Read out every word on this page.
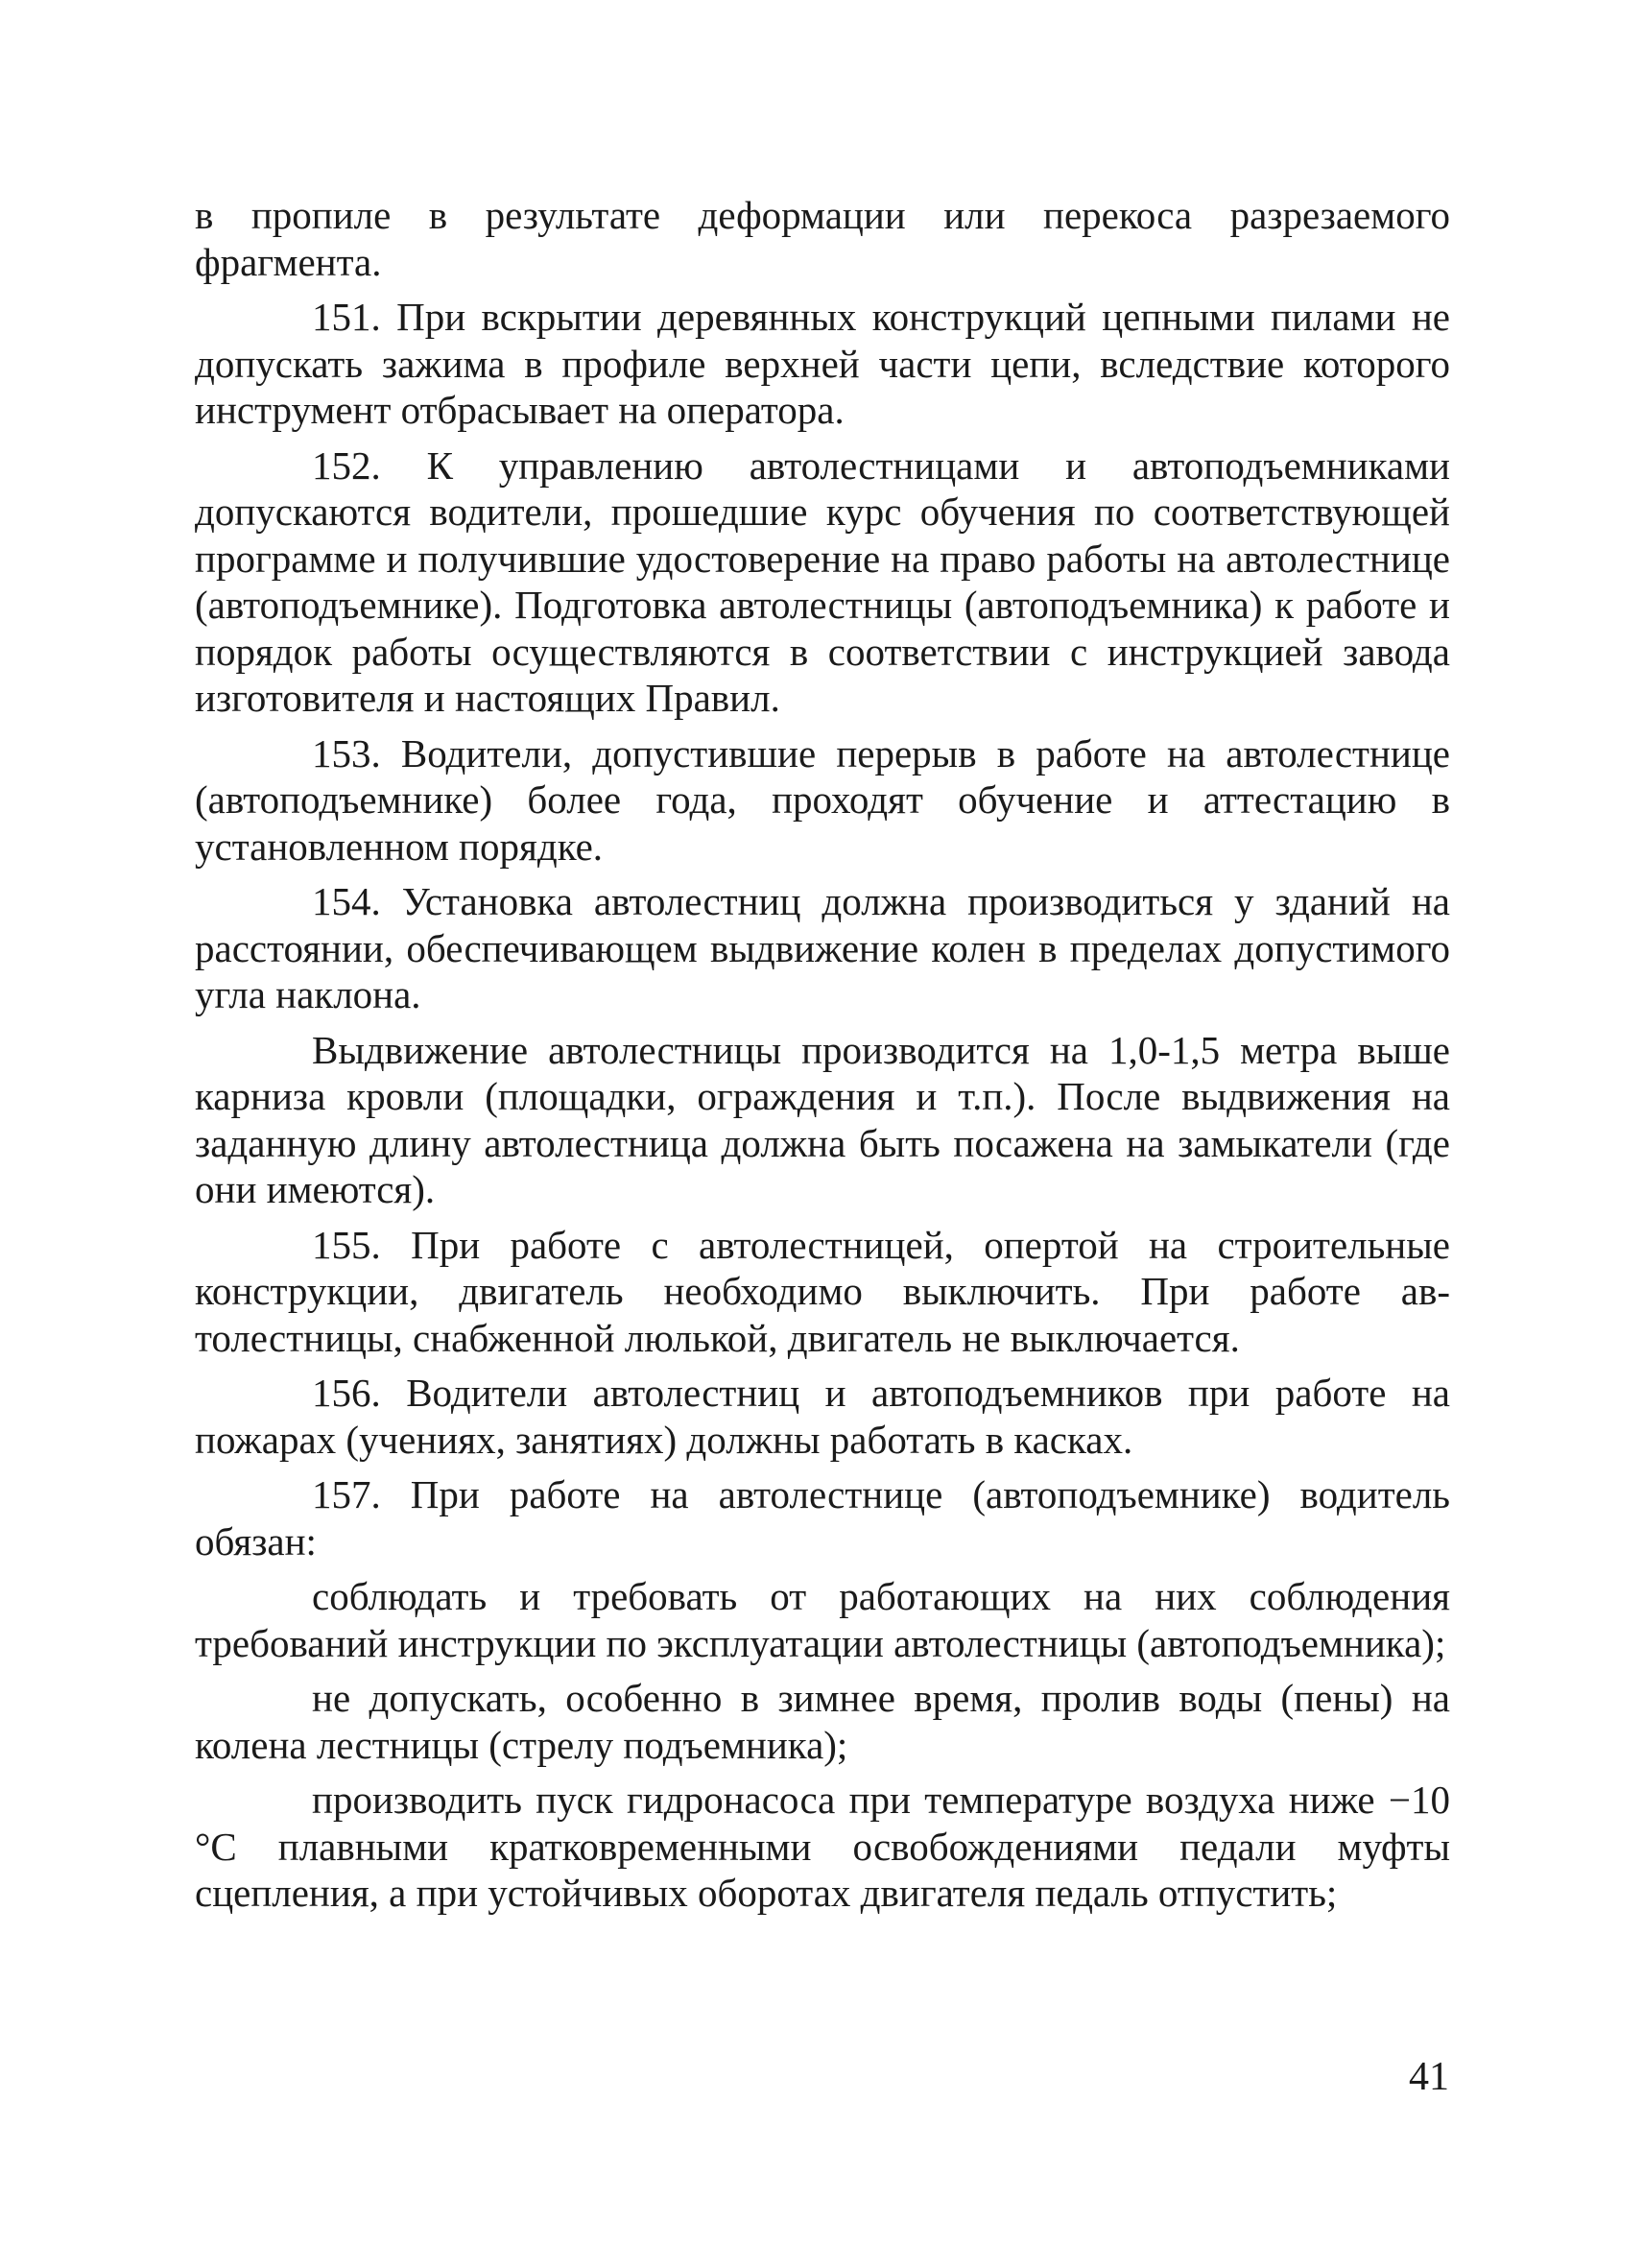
в пропиле в результате деформации или перекоса разрезаемого фрагмента.

151. При вскрытии деревянных конструкций цепными пилами не допускать зажима в профиле верхней части цепи, вследствие которого инструмент отбрасывает на оператора.

152. К управлению автолестницами и автоподъемниками допускаются водители, прошедшие курс обучения по соответствующей программе и получившие удостоверение на право работы на автолестнице (автоподъемнике). Подготовка автолестницы (автоподъемника) к работе и порядок работы осуществляются в соответствии с инструкцией завода изготовителя и настоящих Правил.

153. Водители, допустившие перерыв в работе на автолестнице (автоподъемнике) более года, проходят обучение и аттестацию в установленном порядке.

154. Установка автолестниц должна производиться у зданий на расстоянии, обеспечивающем выдвижение колен в пределах допустимого угла наклона.

Выдвижение автолестницы производится на 1,0-1,5 метра выше карниза кровли (площадки, ограждения и т.п.). После выдвижения на заданную длину автолестница должна быть посажена на замыкатели (где они имеются).

155. При работе с автолестницей, опертой на строительные конструкции, двигатель необходимо выключить. При работе автолестницы, снабженной люлькой, двигатель не выключается.

156. Водители автолестниц и автоподъемников при работе на пожарах (учениях, занятиях) должны работать в касках.

157. При работе на автолестнице (автоподъемнике) водитель обязан:

соблюдать и требовать от работающих на них соблюдения требований инструкции по эксплуатации автолестницы (автоподъемника);

не допускать, особенно в зимнее время, пролив воды (пены) на колена лестницы (стрелу подъемника);

производить пуск гидронасоса при температуре воздуха ниже −10 °С плавными кратковременными освобождениями педали муфты сцепления, а при устойчивых оборотах двигателя педаль отпустить;

41
